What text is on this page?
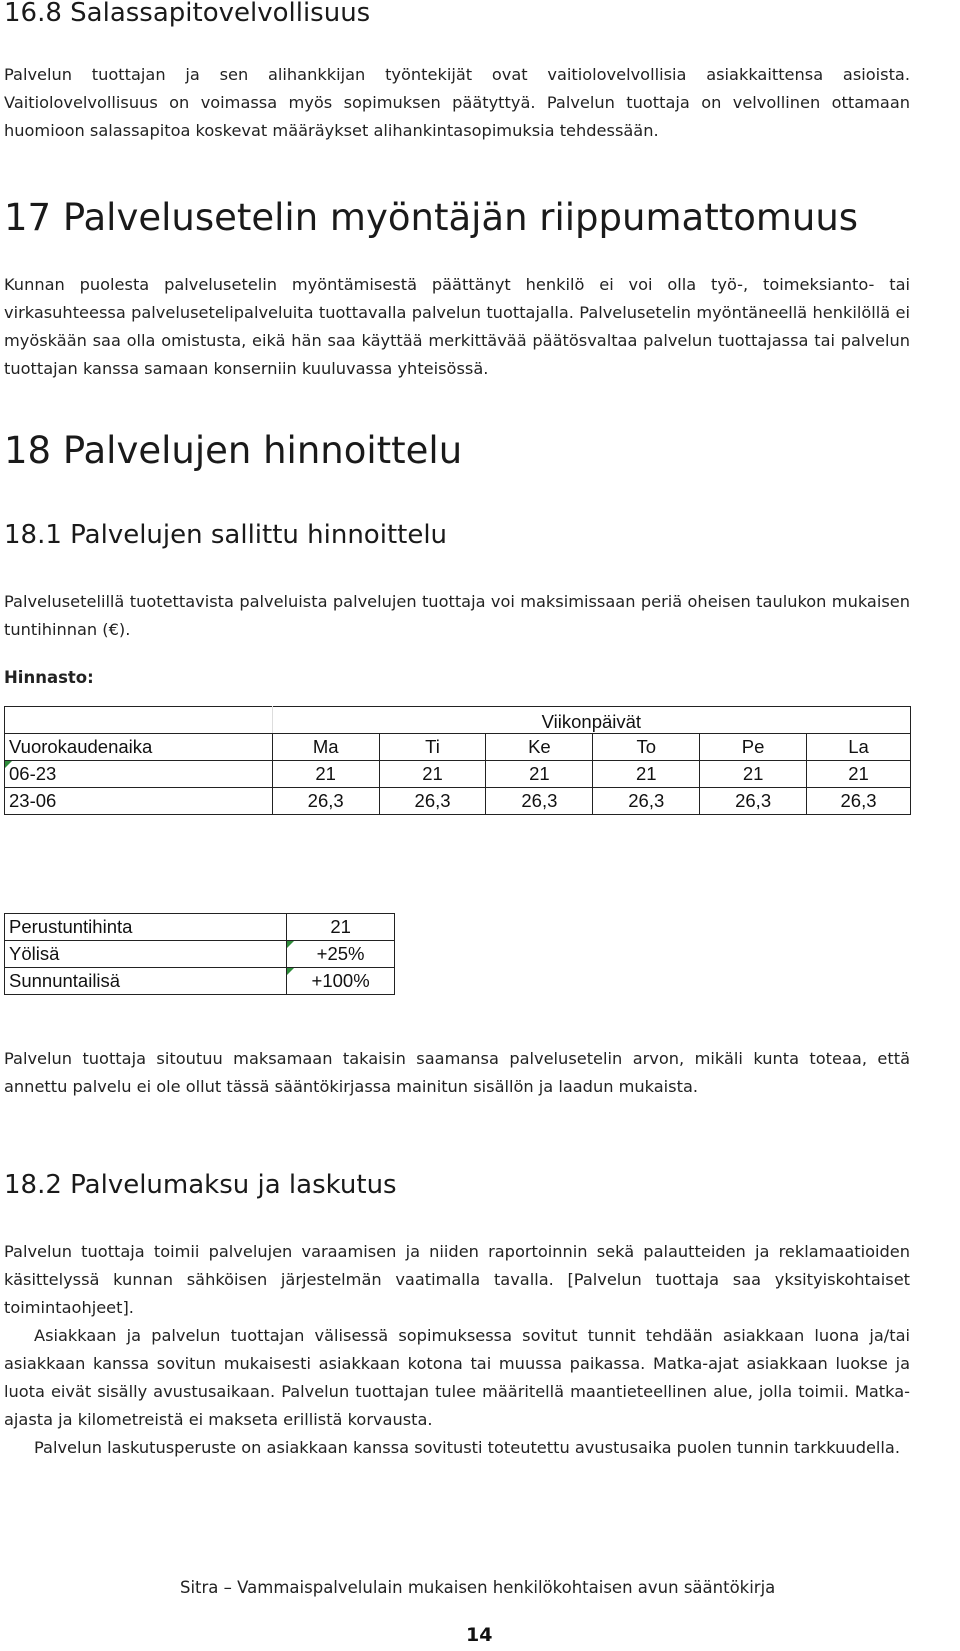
16.8 Salassapitovelvollisuus

Palvelun tuottajan ja sen alihankkijan työntekijät ovat vaitiolovelvollisia asiakkaittensa asioista. Vaitiolovelvollisuus on voimassa myös sopimuksen päätyttyä. Palvelun tuottaja on velvollinen ottamaan huomioon salassapitoa koskevat määräykset alihankintasopimuksia tehdessään.

17 Palvelusetelin myöntäjän riippumattomuus

Kunnan puolesta palvelusetelin myöntämisestä päättänyt henkilö ei voi olla työ-, toimeksianto- tai virkasuhteessa palvelusetelipalveluita tuottavalla palvelun tuottajalla. Palvelusetelin myöntäneellä henkilöllä ei myöskään saa olla omistusta, eikä hän saa käyttää merkittävää päätösvaltaa palvelun tuottajassa tai palvelun tuottajan kanssa samaan konserniin kuuluvassa yhteisössä.

18 Palvelujen hinnoittelu
18.1 Palvelujen sallittu hinnoittelu

Palvelusetelillä tuotettavista palveluista palvelujen tuottaja voi maksimissaan periä oheisen taulukon mukaisen tuntihinnan (€).

Hinnasto:
	Viikonpäivät					
Vuorokaudenaika	Ma	Ti	Ke	To	Pe	La
06-23	21	21	21	21	21	21
23-06	26,3	26,3	26,3	26,3	26,3	26,3
Perustuntihinta	21
Yölisä	+25%
Sunnuntailisä	+100%

Palvelun tuottaja sitoutuu maksamaan takaisin saamansa palvelusetelin arvon, mikäli kunta toteaa, että annettu palvelu ei ole ollut tässä sääntökirjassa mainitun sisällön ja laadun mukaista.

18.2 Palvelumaksu ja laskutus

Palvelun tuottaja toimii palvelujen varaamisen ja niiden raportoinnin sekä palautteiden ja reklamaatioiden käsittelyssä kunnan sähköisen järjestelmän vaatimalla tavalla. [Palvelun tuottaja saa yksityiskohtaiset toimintaohjeet].

Asiakkaan ja palvelun tuottajan välisessä sopimuksessa sovitut tunnit tehdään asiakkaan luona ja/tai asiakkaan kanssa sovitun mukaisesti asiakkaan kotona tai muussa paikassa. Matka-ajat asiakkaan luokse ja luota eivät sisälly avustusaikaan. Palvelun tuottajan tulee määritellä maantieteellinen alue, jolla toimii. Matka-ajasta ja kilometreistä ei makseta erillistä korvausta.

Palvelun laskutusperuste on asiakkaan kanssa sovitusti toteutettu avustusaika puolen tunnin tarkkuudella.

Sitra – Vammaispalvelulain mukaisen henkilökohtaisen avun sääntökirja
14
